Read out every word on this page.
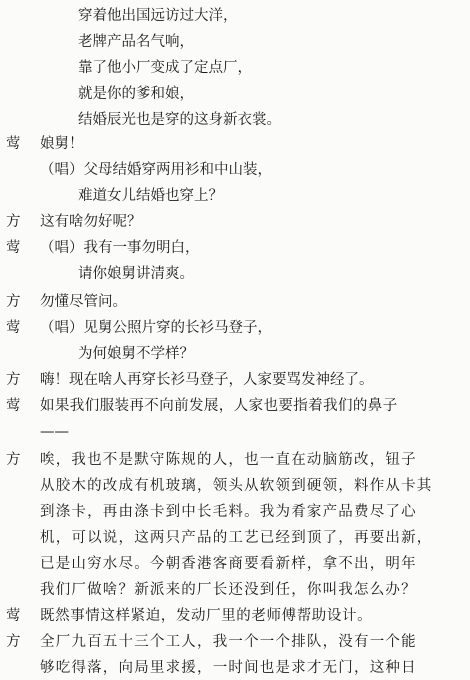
穿着他出国远访过大洋，
老牌产品名气响，
靠了他小厂变成了定点厂，
就是你的爹和娘，
结婚辰光也是穿的这身新衣裳。
莺	娘舅！
（唱）父母结婚穿两用衫和中山装，
难道女儿结婚也穿上？
方	这有啥勿好呢？
莺	（唱）我有一事勿明白，
请你娘舅讲清爽。
方	勿懂尽管问。
莺	（唱）见舅公照片穿的长衫马登子，
为何娘舅不学样？
方	嗨！现在啥人再穿长衫马登子，人家要骂发神经了。
莺	如果我们服装再不向前发展，人家也要指着我们的鼻子
——
方	唉，我也不是默守陈规的人，也一直在动脑筋改，钮子
从胶木的改成有机玻璃，领头从软领到硬领，料作从卡其
到涤卡，再由涤卡到中长毛料。我为肴家产品费尽了心
机，可以说，这两只产品的工艺已经到顶了，再要出新，
已是山穷水尽。今朝香港客商要看新样，拿不出，明年
我们厂做啥？新派来的厂长还没到任，你叫我怎么办？
莺	既然事情这样紧迫，发动厂里的老师傅帮助设计。
方	全厂九百五十三个工人，我一个一个排队，没有一个能
够吃得落，向局里求援，一时间也是求才无门，这种日
